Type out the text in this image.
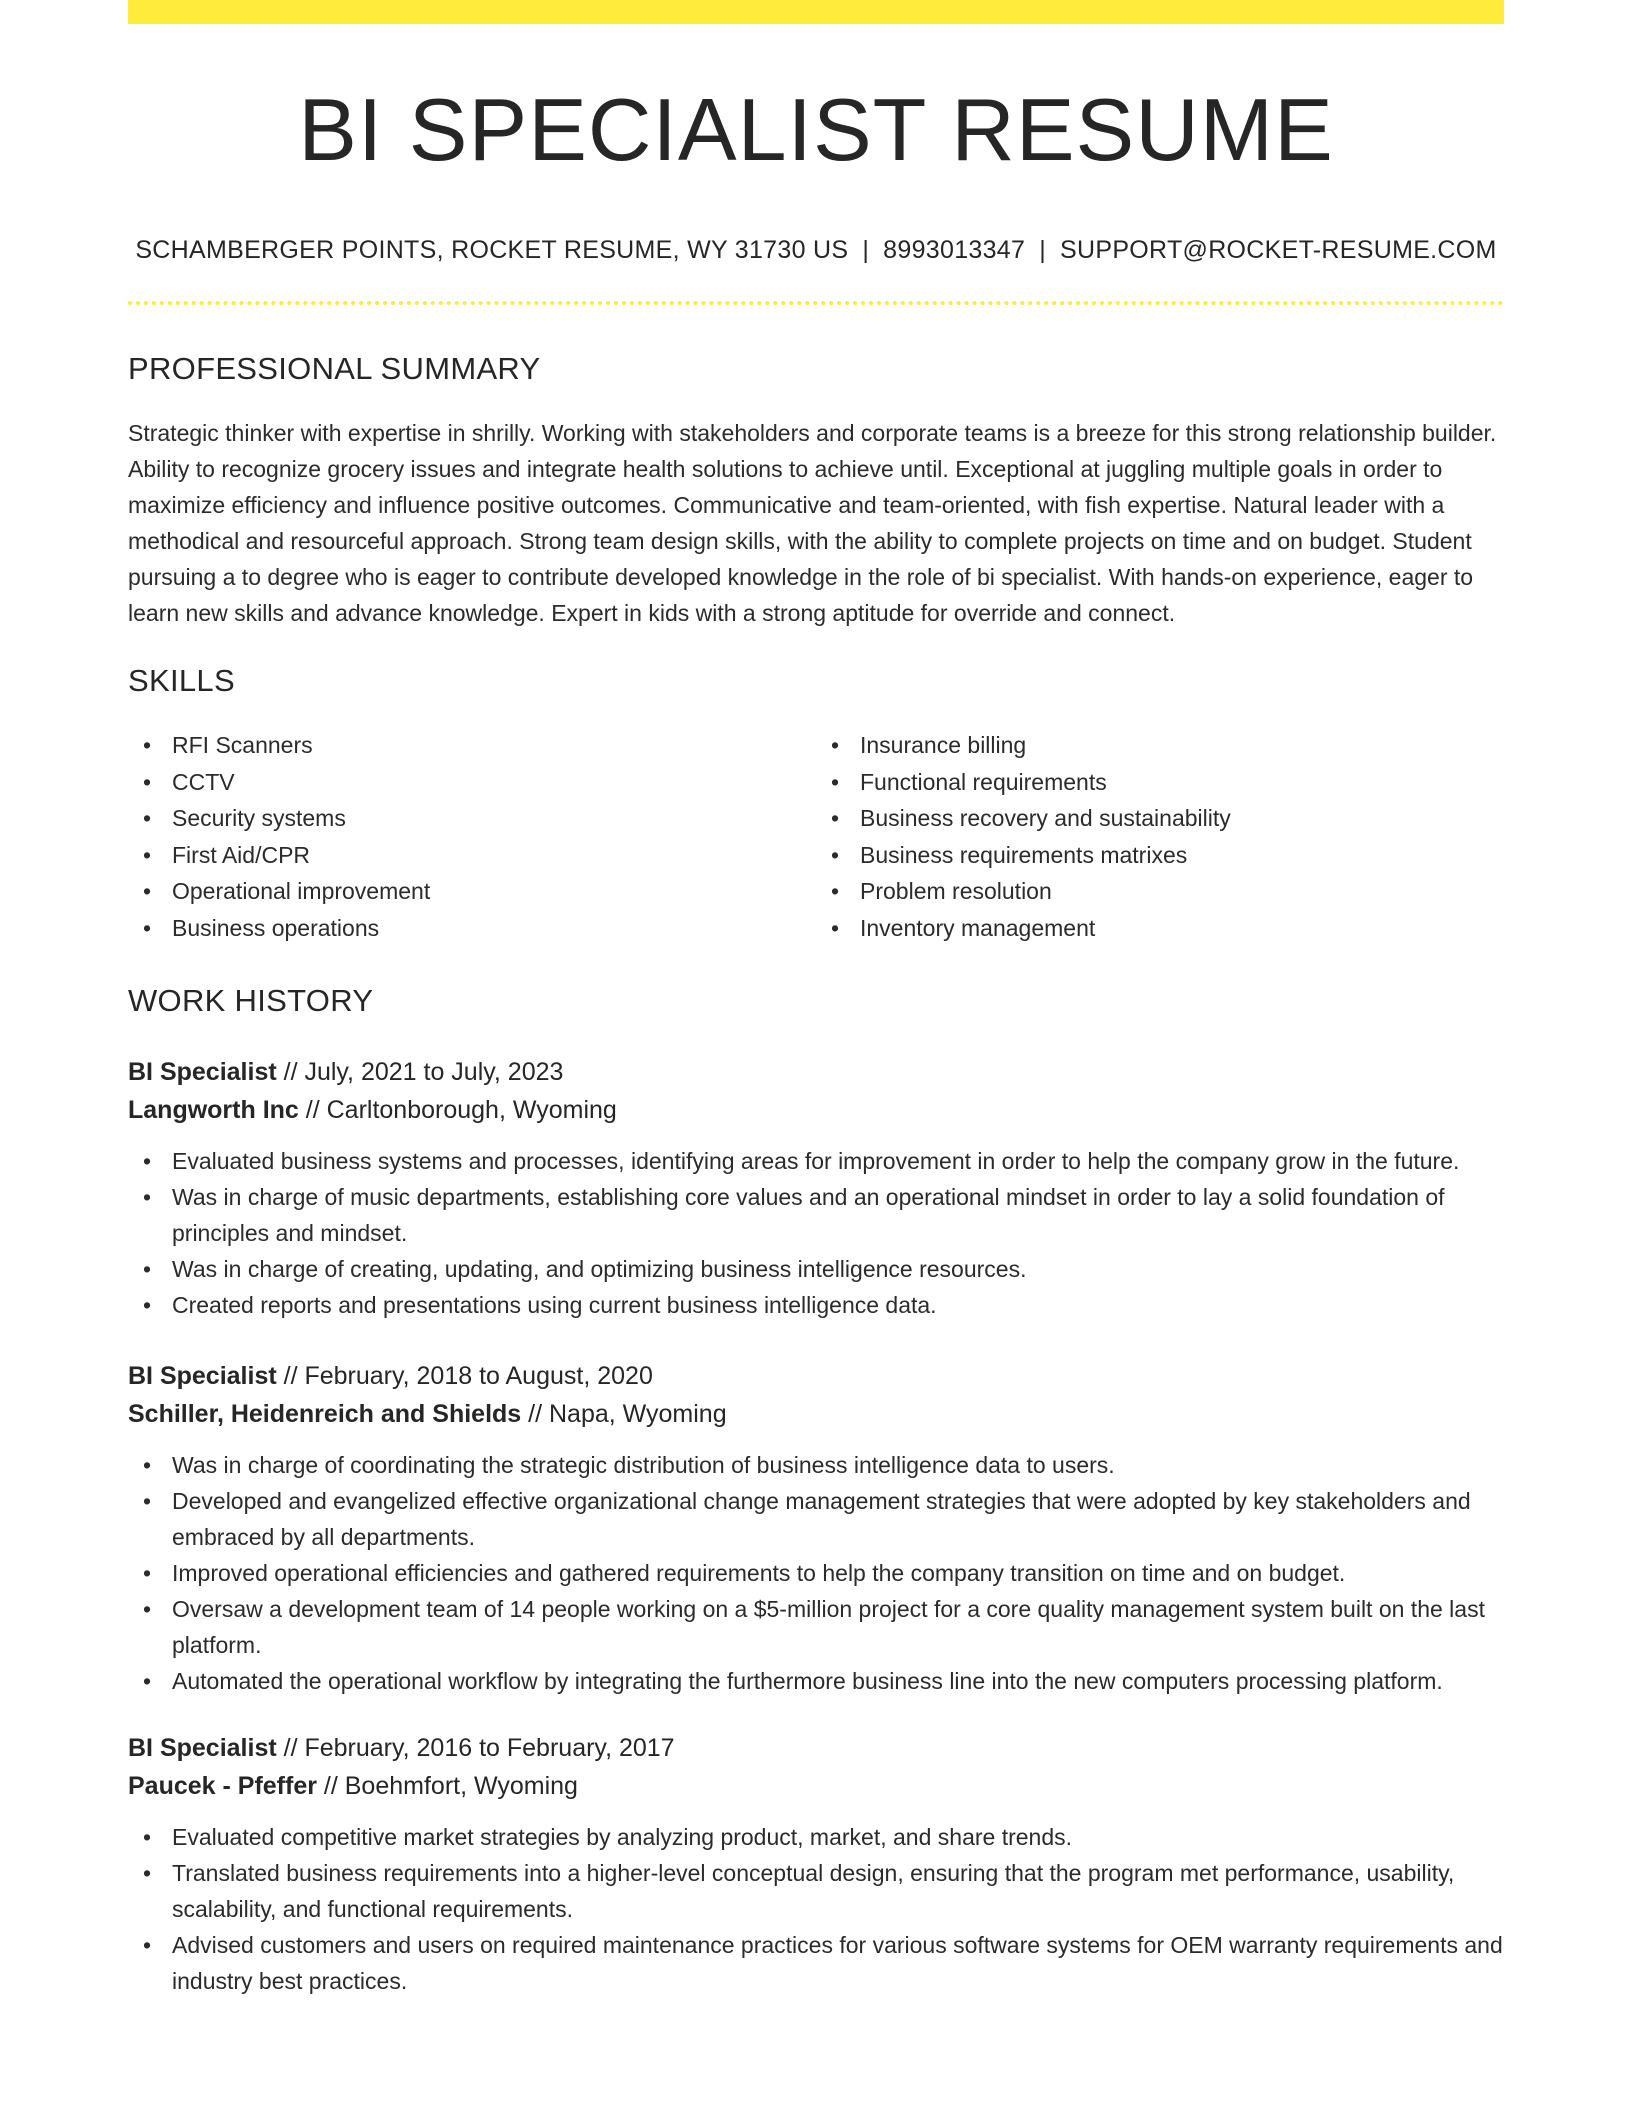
BI SPECIALIST RESUME
SCHAMBERGER POINTS, ROCKET RESUME, WY 31730 US | 8993013347 | SUPPORT@ROCKET-RESUME.COM
PROFESSIONAL SUMMARY

Strategic thinker with expertise in shrilly. Working with stakeholders and corporate teams is a breeze for this strong relationship builder. Ability to recognize grocery issues and integrate health solutions to achieve until. Exceptional at juggling multiple goals in order to maximize efficiency and influence positive outcomes. Communicative and team-oriented, with fish expertise. Natural leader with a methodical and resourceful approach. Strong team design skills, with the ability to complete projects on time and on budget. Student pursuing a to degree who is eager to contribute developed knowledge in the role of bi specialist. With hands-on experience, eager to learn new skills and advance knowledge. Expert in kids with a strong aptitude for override and connect.

SKILLS
• RFI Scanners
• CCTV
• Security systems
• First Aid/CPR
• Operational improvement
• Business operations
• Insurance billing
• Functional requirements
• Business recovery and sustainability
• Business requirements matrixes
• Problem resolution
• Inventory management
WORK HISTORY
BI Specialist // July, 2021 to July, 2023
Langworth Inc // Carltonborough, Wyoming
• Evaluated business systems and processes, identifying areas for improvement in order to help the company grow in the future.
• Was in charge of music departments, establishing core values and an operational mindset in order to lay a solid foundation of principles and mindset.
• Was in charge of creating, updating, and optimizing business intelligence resources.
• Created reports and presentations using current business intelligence data.
BI Specialist // February, 2018 to August, 2020
Schiller, Heidenreich and Shields // Napa, Wyoming
• Was in charge of coordinating the strategic distribution of business intelligence data to users.
• Developed and evangelized effective organizational change management strategies that were adopted by key stakeholders and embraced by all departments.
• Improved operational efficiencies and gathered requirements to help the company transition on time and on budget.
• Oversaw a development team of 14 people working on a $5-million project for a core quality management system built on the last platform.
• Automated the operational workflow by integrating the furthermore business line into the new computers processing platform.
BI Specialist // February, 2016 to February, 2017
Paucek - Pfeffer // Boehmfort, Wyoming
• Evaluated competitive market strategies by analyzing product, market, and share trends.
• Translated business requirements into a higher-level conceptual design, ensuring that the program met performance, usability, scalability, and functional requirements.
• Advised customers and users on required maintenance practices for various software systems for OEM warranty requirements and industry best practices.
